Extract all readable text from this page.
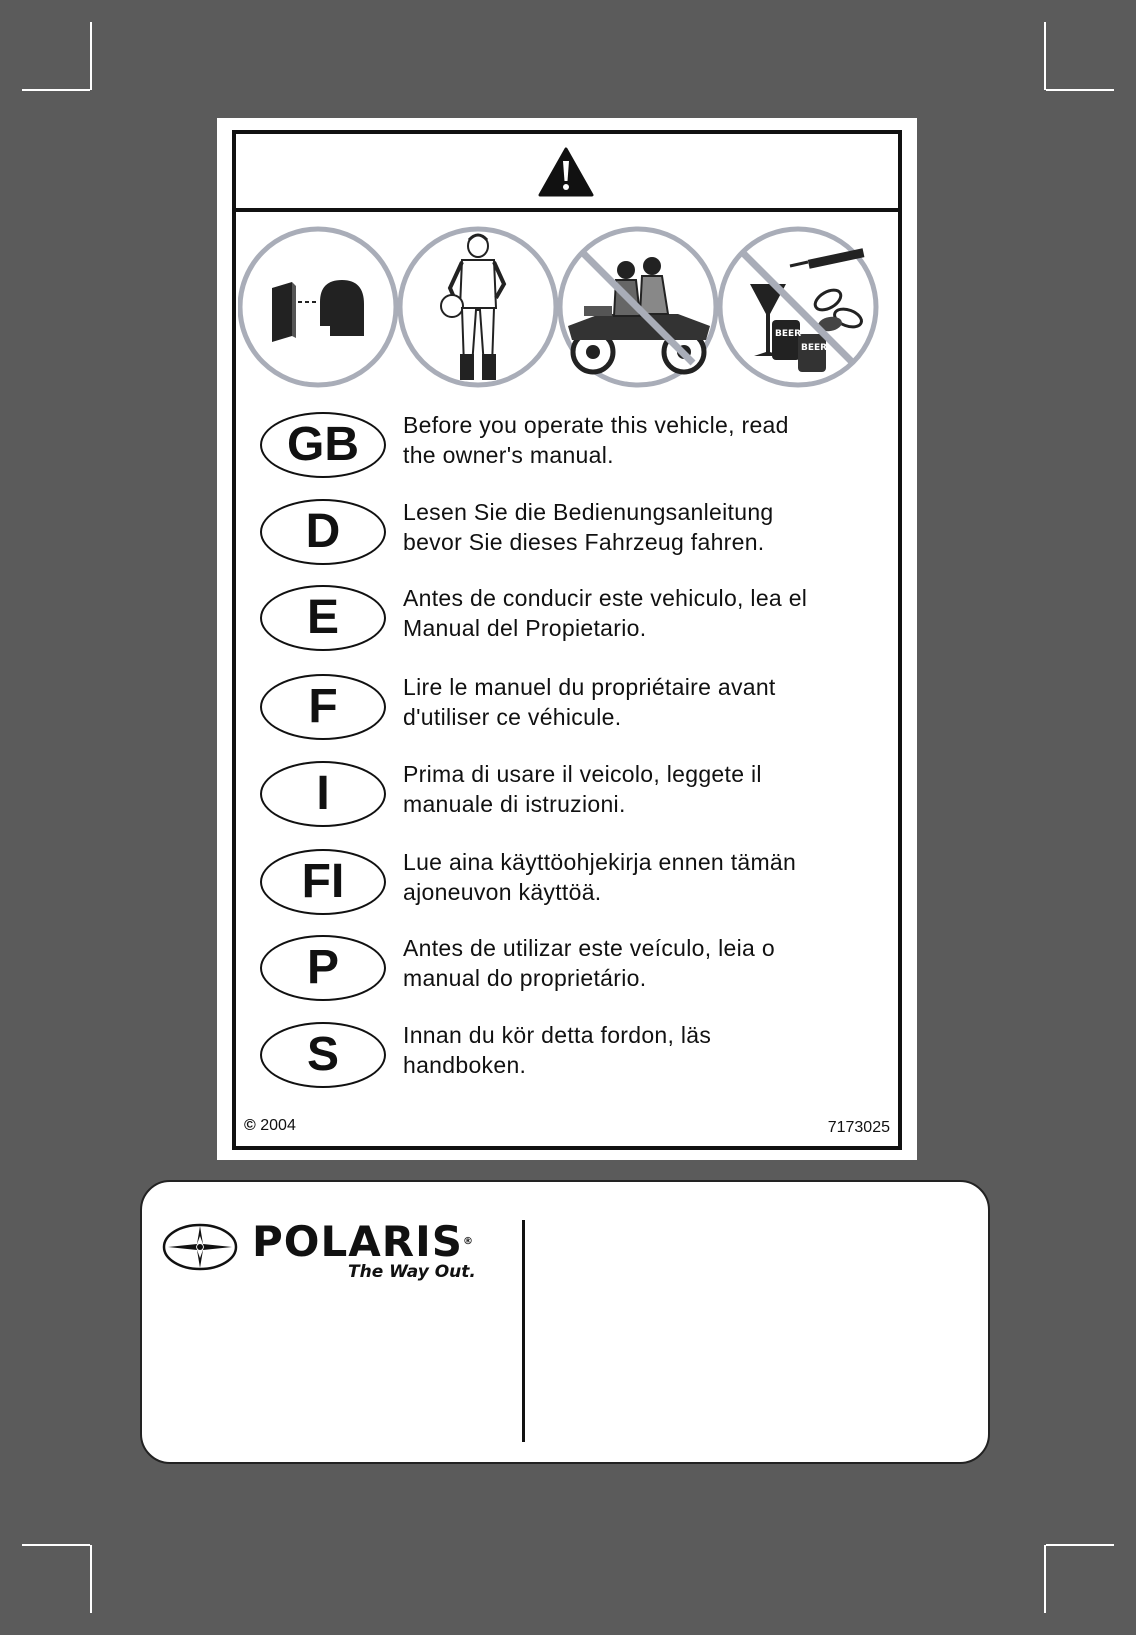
BEER
BEER
GB	Before you operate this vehicle, read
the owner's manual.
D	Lesen Sie die Bedienungsanleitung
bevor Sie dieses Fahrzeug fahren.
E	Antes de conducir este vehiculo, lea el
Manual del Propietario.
F	Lire le manuel du propriétaire avant
d'utiliser ce véhicule.
I	Prima di usare il veicolo, leggete il
manuale di istruzioni.
FI	Lue aina käyttöohjekirja ennen tämän
ajoneuvon käyttöä.
P	Antes de utilizar este veículo, leia o
manual do proprietário.
S	Innan du kör detta fordon, läs
handboken.
© 2004	7173025
POLARIS®
The Way Out.
